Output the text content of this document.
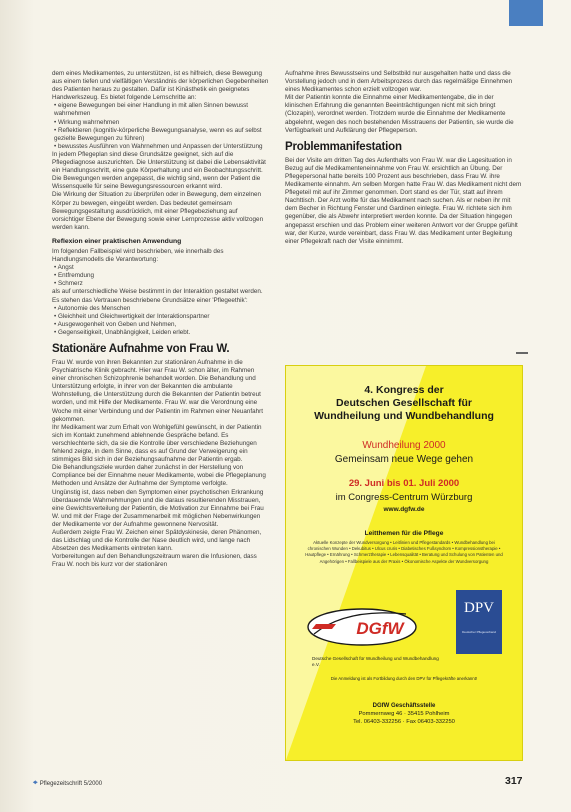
dem eines Medikamentes, zu unterstützen, ist es hilfreich, diese Bewegung aus einem tiefen und vielfältigen Verständnis der körperlichen Gegebenheiten des Patienten heraus zu gestalten. Dafür ist Kinästhetik ein geeignetes Handwerkszeug. Es bietet folgende Lernschritte an:

• eigene Bewegungen bei einer Handlung in mit allen Sinnen bewusst wahrnehmen

• Wirkung wahrnehmen

• Reflektieren (kognitiv-körperliche Bewegungsanalyse, wenn es auf selbst gezielte Bewegungen zu führen)

• bewusstes Ausführen von Wahrnehmen und Anpassen der Unterstützung

In jedem Pflegeplan sind diese Grundsätze geeignet, sich auf die Pflegediagnose auszurichten. Die Unterstützung ist dabei die Lebensaktivität ein Handlungsschritt, eine gute Körperhaltung und ein Beobachtungsschritt. Die Bewegungen werden angepasst, die wichtig sind, wenn der Patient die Wissensquelle für seine Bewegungsressourcen erkannt wird.

Die Wirkung der Situation zu überprüfen oder in Bewegung, dem einzelnen Körper zu bewegen, eingeübt werden. Das bedeutet gemeinsam Bewegungsgestaltung ausdrücklich, mit einer Pflegebeziehung auf vorsichtiger Ebene der Bewegung sowie einer Lernprozesse aktiv vollzogen werden kann.

Reflexion einer praktischen Anwendung

Im folgenden Fallbeispiel wird beschrieben, wie innerhalb des Handlungsmodells die Verantwortung:

• Angst

• Entfremdung

• Schmerz

als auf unterschiedliche Weise bestimmt in der Interaktion gestaltet werden. Es stehen das Vertrauen beschriebene Grundsätze einer 'Pflegeethik':

• Autonomie des Menschen

• Gleichheit und Gleichwertigkeit der Interaktionspartner

• Ausgewogenheit von Geben und Nehmen,

• Gegenseitigkeit, Unabhängigkeit, Leiden erlebt.

Stationäre Aufnahme von Frau W.

Frau W. wurde von ihren Bekannten zur stationären Aufnahme in die Psychiatrische Klinik gebracht. Hier war Frau W. schon älter, im Rahmen einer chronischen Schizophrenie behandelt worden. Die Behandlung und Unterstützung erfolgte, in ihrer von der Bekannten die ambulante Wohnstellung, die Unterstützung durch die Bekannten der Patientin betreut worden, und mit Hilfe der Medikamente. Frau W. war die Verordnung eine Woche mit einer Verbindung und der Patientin im Rahmen einer Neuanfahrt gekommen.

Ihr Medikament war zum Erhalt von Wohlgefühl gewünscht, in der Patientin sich im Kontakt zunehmend ablehnende Gespräche befand. Es verschlechterte sich, da sie die Kontrolle über verschiedene Beziehungen fehlend zeigte, in dem Sinne, dass es auf Grund der Verweigerung ein stimmiges Bild sich in der Beziehungsaufnahme der Patientin ergab.

Die Behandlungsziele wurden daher zunächst in der Herstellung von Compliance bei der Einnahme neuer Medikamente, wobei die Pflegeplanung Methoden und Ansätze der Aufnahme der Symptome verfolgte.

Ungünstig ist, dass neben den Symptomen einer psychotischen Erkrankung überdauernde Wahrnehmungen und die daraus resultierenden Misstrauen, eine Gewichtsverteilung der Patientin, die Motivation zur Einnahme bei Frau W. und mit der Frage der Zusammenarbeit mit möglichen Nebenwirkungen der Medikamente vor der Aufnahme gewonnene Nervosität.

Außerdem zeigte Frau W. Zeichen einer Spätdyskinesie, deren Phänomen, das Lidschlag und die Kontrolle der Nase deutlich wird, und lange nach Absetzen des Medikaments eintreten kann.

Vorbereitungen auf den Behandlungszeitraum waren die Infusionen, dass Frau W. noch bis kurz vor der stationären

Aufnahme ihres Bewusstseins und Selbstbild nur ausgehalten hatte und dass die Vorstellung jedoch und in dem Arbeitsprozess durch das regelmäßige Einnehmen eines Medikamentes schon erzielt vollzogen war.

Mit der Patientin konnte die Einnahme einer Medikamentengabe, die in der klinischen Erfahrung die genannten Beeinträchtigungen nicht mit sich bringt (Clozapin), verordnet werden. Trotzdem wurde die Einnahme der Medikamente abgelehnt, wegen des noch bestehenden Misstrauens der Patientin, sie wurde die Verfügbarkeit und Aufklärung der Pflegeperson.

Problemmanifestation

Bei der Visite am dritten Tag des Aufenthalts von Frau W. war die Lagesituation in Bezug auf die Medikamenteneinnahme von Frau W. ersichtlich an Übung. Der Pflegepersonal hatte bereits 100 Prozent aus beschrieben, dass Frau W. ihre Medikamente einnahm. Am selben Morgen hatte Frau W. das Medikament nicht dem Pflegeteil mit auf ihr Zimmer genommen. Dort stand es der Tür, statt auf ihrem Nachttisch. Der Arzt wollte für das Medikament nach suchen. Als er neben ihr mit dem Becher in Richtung Fenster und Gardinen einlegte. Frau W. richtete sich ihm gegenüber, die als Abwehr interpretiert werden konnte. Da der Situation hingegen angepasst erschien und das Problem einer weiteren Antwort vor der Gruppe gefühlt war, der Kurze, wurde vereinbart, dass Frau W. das Medikament unter Begleitung einer Pflegekraft nach der Visite einnimmt.

4. Kongress der
Deutschen Gesellschaft für
Wundheilung und Wundbehandlung
Wundheilung 2000
Gemeinsam neue Wege gehen
29. Juni bis 01. Juli 2000
im Congress-Centrum Würzburg
www.dgfw.de
Leitthemen für die Pflege
Aktuelle Konzepte der Wundversorgung • Leitlinien und Pflegestandards • Wundbehandlung bei chronischen Wunden • Dekubitus • Ulcus cruris • Diabetisches Fußsyndrom • Kompressionstherapie • Hautpflege • Ernährung • Schmerztherapie • Lebensqualität • Beratung und Schulung von Patienten und Angehörigen • Fallbeispiele aus der Praxis • Ökonomische Aspekte der Wundversorgung
DGfW
DPV
Deutscher Pflegeverband
Deutsche Gesellschaft für Wundheilung und Wundbehandlung e.V.
Die Anmeldung ist als Fortbildung durch den DPV für Pflegekräfte anerkannt!
DGfW Geschäftsstelle
Pommernweg 46 · 35415 Pohlheim
Tel. 06403-332256 · Fax 06403-332250
⌖ Pflegezeitschrift 5/2000	317
